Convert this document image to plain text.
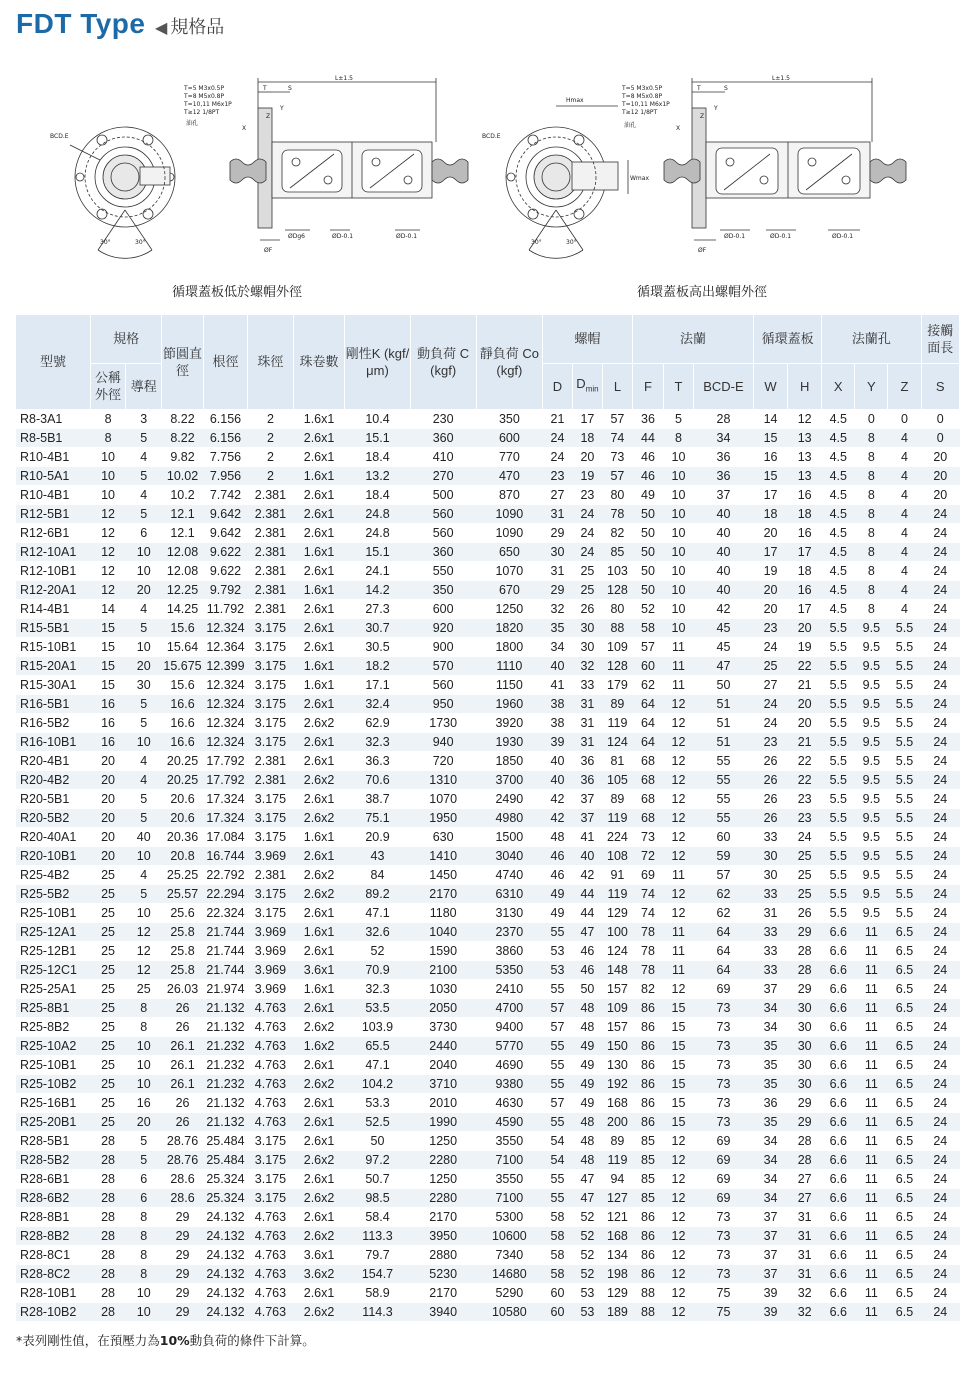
FDT Type ◀ 規格品
BCD.E
T=5 M3x0.5P
T=8 M5x0.8P
T=10,11 M6x1P
T≥12 1/8PT
油孔
L±1.5
T	S
X
Y
Z
30°	30°
ØF
ØDg6	ØD-0.1	ØD-0.1
BCD.E
T=5 M3x0.5P
T=8 M5x0.8P
T=10,11 M6x1P
T≥12 1/8PT
油孔
L±1.5
Hmax
Wmax
T	S
X
Y
Z
30°	30°
ØF
ØD-0.1	ØD-0.1	ØD-0.1
循環蓋板低於螺帽外徑	循環蓋板高出螺帽外徑
型號	規格		節圓直徑	根徑	珠徑	珠卷數	剛性K (kgf/μm)	動負荷 C (kgf)	靜負荷 Co (kgf)	螺帽			法蘭			循環蓋板		法蘭孔			接觸面長
	公稱外徑	導程								D	$D_{min}$	L	F	T	BCD-E	W	H	X	Y	Z	S
R8-3A1	8	3	8.22	6.156	2	1.6x1	10.4	230	350	21	17	57	36	5	28	14	12	4.5	0	0	0
R8-5B1	8	5	8.22	6.156	2	2.6x1	15.1	360	600	24	18	74	44	8	34	15	13	4.5	8	4	0
R10-4B1	10	4	9.82	7.756	2	2.6x1	18.4	410	770	24	20	73	46	10	36	16	13	4.5	8	4	20
R10-5A1	10	5	10.02	7.956	2	1.6x1	13.2	270	470	23	19	57	46	10	36	15	13	4.5	8	4	20
R10-4B1	10	4	10.2	7.742	2.381	2.6x1	18.4	500	870	27	23	80	49	10	37	17	16	4.5	8	4	20
R12-5B1	12	5	12.1	9.642	2.381	2.6x1	24.8	560	1090	31	24	78	50	10	40	18	18	4.5	8	4	24
R12-6B1	12	6	12.1	9.642	2.381	2.6x1	24.8	560	1090	29	24	82	50	10	40	20	16	4.5	8	4	24
R12-10A1	12	10	12.08	9.622	2.381	1.6x1	15.1	360	650	30	24	85	50	10	40	17	17	4.5	8	4	24
R12-10B1	12	10	12.08	9.622	2.381	2.6x1	24.1	550	1070	31	25	103	50	10	40	19	18	4.5	8	4	24
R12-20A1	12	20	12.25	9.792	2.381	1.6x1	14.2	350	670	29	25	128	50	10	40	20	16	4.5	8	4	24
R14-4B1	14	4	14.25	11.792	2.381	2.6x1	27.3	600	1250	32	26	80	52	10	42	20	17	4.5	8	4	24
R15-5B1	15	5	15.6	12.324	3.175	2.6x1	30.7	920	1820	35	30	88	58	10	45	23	20	5.5	9.5	5.5	24
R15-10B1	15	10	15.64	12.364	3.175	2.6x1	30.5	900	1800	34	30	109	57	11	45	24	19	5.5	9.5	5.5	24
R15-20A1	15	20	15.675	12.399	3.175	1.6x1	18.2	570	1110	40	32	128	60	11	47	25	22	5.5	9.5	5.5	24
R15-30A1	15	30	15.6	12.324	3.175	1.6x1	17.1	560	1150	41	33	179	62	11	50	27	21	5.5	9.5	5.5	24
R16-5B1	16	5	16.6	12.324	3.175	2.6x1	32.4	950	1960	38	31	89	64	12	51	24	20	5.5	9.5	5.5	24
R16-5B2	16	5	16.6	12.324	3.175	2.6x2	62.9	1730	3920	38	31	119	64	12	51	24	20	5.5	9.5	5.5	24
R16-10B1	16	10	16.6	12.324	3.175	2.6x1	32.3	940	1930	39	31	124	64	12	51	23	21	5.5	9.5	5.5	24
R20-4B1	20	4	20.25	17.792	2.381	2.6x1	36.3	720	1850	40	36	81	68	12	55	26	22	5.5	9.5	5.5	24
R20-4B2	20	4	20.25	17.792	2.381	2.6x2	70.6	1310	3700	40	36	105	68	12	55	26	22	5.5	9.5	5.5	24
R20-5B1	20	5	20.6	17.324	3.175	2.6x1	38.7	1070	2490	42	37	89	68	12	55	26	23	5.5	9.5	5.5	24
R20-5B2	20	5	20.6	17.324	3.175	2.6x2	75.1	1950	4980	42	37	119	68	12	55	26	23	5.5	9.5	5.5	24
R20-40A1	20	40	20.36	17.084	3.175	1.6x1	20.9	630	1500	48	41	224	73	12	60	33	24	5.5	9.5	5.5	24
R20-10B1	20	10	20.8	16.744	3.969	2.6x1	43	1410	3040	46	40	108	72	12	59	30	25	5.5	9.5	5.5	24
R25-4B2	25	4	25.25	22.792	2.381	2.6x2	84	1450	4740	46	42	91	69	11	57	30	25	5.5	9.5	5.5	24
R25-5B2	25	5	25.57	22.294	3.175	2.6x2	89.2	2170	6310	49	44	119	74	12	62	33	25	5.5	9.5	5.5	24
R25-10B1	25	10	25.6	22.324	3.175	2.6x1	47.1	1180	3130	49	44	129	74	12	62	31	26	5.5	9.5	5.5	24
R25-12A1	25	12	25.8	21.744	3.969	1.6x1	32.6	1040	2370	55	47	100	78	11	64	33	29	6.6	11	6.5	24
R25-12B1	25	12	25.8	21.744	3.969	2.6x1	52	1590	3860	53	46	124	78	11	64	33	28	6.6	11	6.5	24
R25-12C1	25	12	25.8	21.744	3.969	3.6x1	70.9	2100	5350	53	46	148	78	11	64	33	28	6.6	11	6.5	24
R25-25A1	25	25	26.03	21.974	3.969	1.6x1	32.3	1030	2410	55	50	157	82	12	69	37	29	6.6	11	6.5	24
R25-8B1	25	8	26	21.132	4.763	2.6x1	53.5	2050	4700	57	48	109	86	15	73	34	30	6.6	11	6.5	24
R25-8B2	25	8	26	21.132	4.763	2.6x2	103.9	3730	9400	57	48	157	86	15	73	34	30	6.6	11	6.5	24
R25-10A2	25	10	26.1	21.232	4.763	1.6x2	65.5	2440	5770	55	49	150	86	15	73	35	30	6.6	11	6.5	24
R25-10B1	25	10	26.1	21.232	4.763	2.6x1	47.1	2040	4690	55	49	130	86	15	73	35	30	6.6	11	6.5	24
R25-10B2	25	10	26.1	21.232	4.763	2.6x2	104.2	3710	9380	55	49	192	86	15	73	35	30	6.6	11	6.5	24
R25-16B1	25	16	26	21.132	4.763	2.6x1	53.3	2010	4630	57	49	168	86	15	73	36	29	6.6	11	6.5	24
R25-20B1	25	20	26	21.132	4.763	2.6x1	52.5	1990	4590	55	48	200	86	15	73	35	29	6.6	11	6.5	24
R28-5B1	28	5	28.76	25.484	3.175	2.6x1	50	1250	3550	54	48	89	85	12	69	34	28	6.6	11	6.5	24
R28-5B2	28	5	28.76	25.484	3.175	2.6x2	97.2	2280	7100	54	48	119	85	12	69	34	28	6.6	11	6.5	24
R28-6B1	28	6	28.6	25.324	3.175	2.6x1	50.7	1250	3550	55	47	94	85	12	69	34	27	6.6	11	6.5	24
R28-6B2	28	6	28.6	25.324	3.175	2.6x2	98.5	2280	7100	55	47	127	85	12	69	34	27	6.6	11	6.5	24
R28-8B1	28	8	29	24.132	4.763	2.6x1	58.4	2170	5300	58	52	121	86	12	73	37	31	6.6	11	6.5	24
R28-8B2	28	8	29	24.132	4.763	2.6x2	113.3	3950	10600	58	52	168	86	12	73	37	31	6.6	11	6.5	24
R28-8C1	28	8	29	24.132	4.763	3.6x1	79.7	2880	7340	58	52	134	86	12	73	37	31	6.6	11	6.5	24
R28-8C2	28	8	29	24.132	4.763	3.6x2	154.7	5230	14680	58	52	198	86	12	73	37	31	6.6	11	6.5	24
R28-10B1	28	10	29	24.132	4.763	2.6x1	58.9	2170	5290	60	53	129	88	12	75	39	32	6.6	11	6.5	24
R28-10B2	28	10	29	24.132	4.763	2.6x2	114.3	3940	10580	60	53	189	88	12	75	39	32	6.6	11	6.5	24
*表列剛性值，在預壓力為10%動負荷的條件下計算。
